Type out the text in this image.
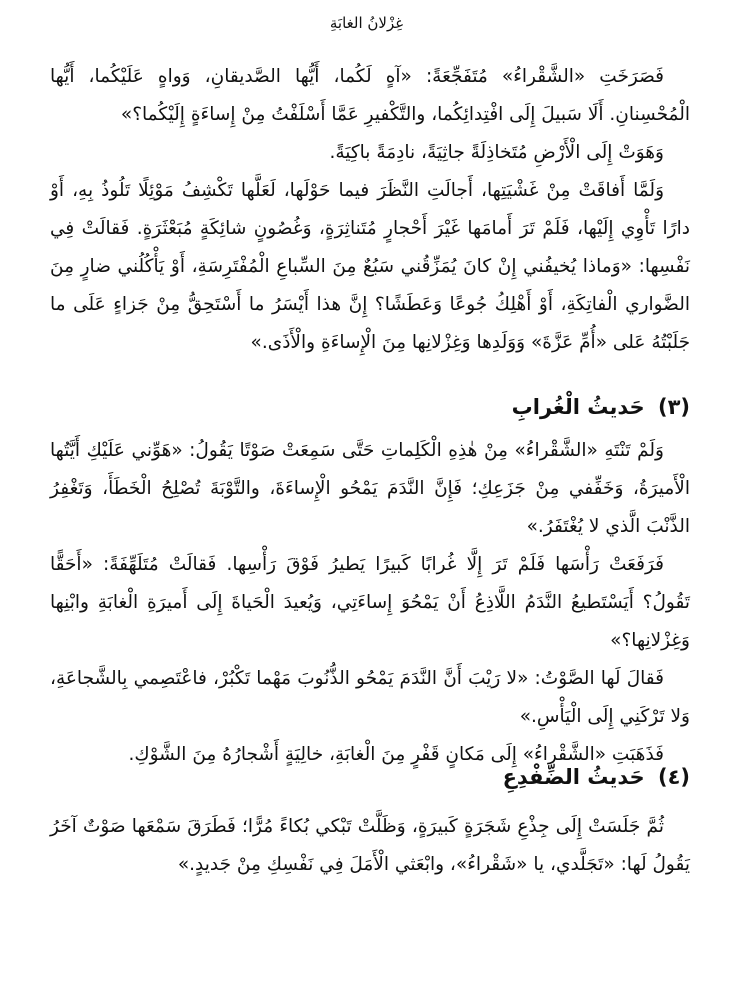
غِزْلانُ الغابَةِ

فَصَرَخَتِ «الشَّقْراءُ» مُتَفَجِّعَةً: «آهٍ لَكُما، أَيُّها الصَّديقانِ، وَواهٍ عَلَيْكُما، أَيُّها الْمُحْسِنانِ. أَلَا سَبيلَ إِلَى افْتِدائِكُما، والتَّكْفيرِ عَمَّا أَسْلَفْتُ مِنْ إِساءَةٍ إِلَيْكُما؟»

وَهَوَتْ إِلَى الْأَرْضِ مُتَخاذِلَةً جاثِيَةً، نادِمَةً باكِيَةً.

وَلَمَّا أَفاقَتْ مِنْ غَشْيَتِها، أَجالَتِ النَّظَرَ فيما حَوْلَها، لَعَلَّها تَكْشِفُ مَوْئِلًا تَلُوذُ بِهِ، أَوْ دارًا تَأْوِي إِلَيْها، فَلَمْ تَرَ أَمامَها غَيْرَ أَحْجارٍ مُتَناثِرَةٍ، وَغُصُونٍ شائِكَةٍ مُبَعْثَرَةٍ. فَقالَتْ فِي نَفْسِها: «وَماذا يُخيفُني إِنْ كانَ يُمَزِّقُني سَبُعٌ مِنَ السِّباعِ الْمُفْتَرِسَةِ، أَوْ يَأْكُلُني ضارٍ مِنَ الضَّواري الْفاتِكَةِ، أَوْ أَهْلِكُ جُوعًا وَعَطَشًا؟ إِنَّ هذا أَيْسَرُ ما أَسْتَحِقُّ مِنْ جَزاءٍ عَلَى ما جَلَبْتُهُ عَلى «أُمِّ عَزَّةَ» وَوَلَدِها وَغِزْلانِها مِنَ الْإِساءَةِ والْأَذَى.»

(٣) حَديثُ الْغُرابِ

وَلَمْ تَنْتَهِ «الشَّقْراءُ» مِنْ هٰذِهِ الْكَلِماتِ حَتَّى سَمِعَتْ صَوْتًا يَقُولُ: «هَوِّني عَلَيْكِ أَيَّتُها الْأَميرَةُ، وَخَفِّفي مِنْ جَزَعِكِ؛ فَإِنَّ النَّدَمَ يَمْحُو الْإِساءَةَ، والتَّوْبَةَ تُصْلِحُ الْخَطَأَ، وَتَغْفِرُ الذَّنْبَ الَّذي لا يُغْتَفَرُ.»

فَرَفَعَتْ رَأْسَها فَلَمْ تَرَ إِلَّا غُرابًا كَبيرًا يَطيرُ فَوْقَ رَأْسِها. فَقالَتْ مُتَلَهِّفَةً: «أَحَقًّا تَقُولُ؟ أَيَسْتَطيعُ النَّدَمُ اللَّاذِعُ أَنْ يَمْحُوَ إِساءَتِي، وَيُعيدَ الْحَياةَ إِلَى أَميرَةِ الْغابَةِ وابْنِها وَغِزْلانِها؟»

فَقالَ لَها الصَّوْتُ: «لا رَيْبَ أَنَّ النَّدَمَ يَمْحُو الذُّنُوبَ مَهْما تَكْبُرْ، فاعْتَصِمي بِالشَّجاعَةِ، وَلا تَرْكَنِي إِلَى الْيَأْسِ.»

فَذَهَبَتِ «الشَّقْراءُ» إِلَى مَكانٍ قَفْرٍ مِنَ الْغابَةِ، خالِيَةٍ أَشْجارُهُ مِنَ الشَّوْكِ.

(٤) حَديثُ الضِّفْدِعِ

ثُمَّ جَلَسَتْ إِلَى جِذْعِ شَجَرَةٍ كَبيرَةٍ، وَظَلَّتْ تَبْكي بُكاءً مُرًّا؛ فَطَرَقَ سَمْعَها صَوْتٌ آخَرُ يَقُولُ لَها: «تَجَلَّدي، يا «شَقْراءُ»، وابْعَثي الْأَمَلَ فِي نَفْسِكِ مِنْ جَديدٍ.»
